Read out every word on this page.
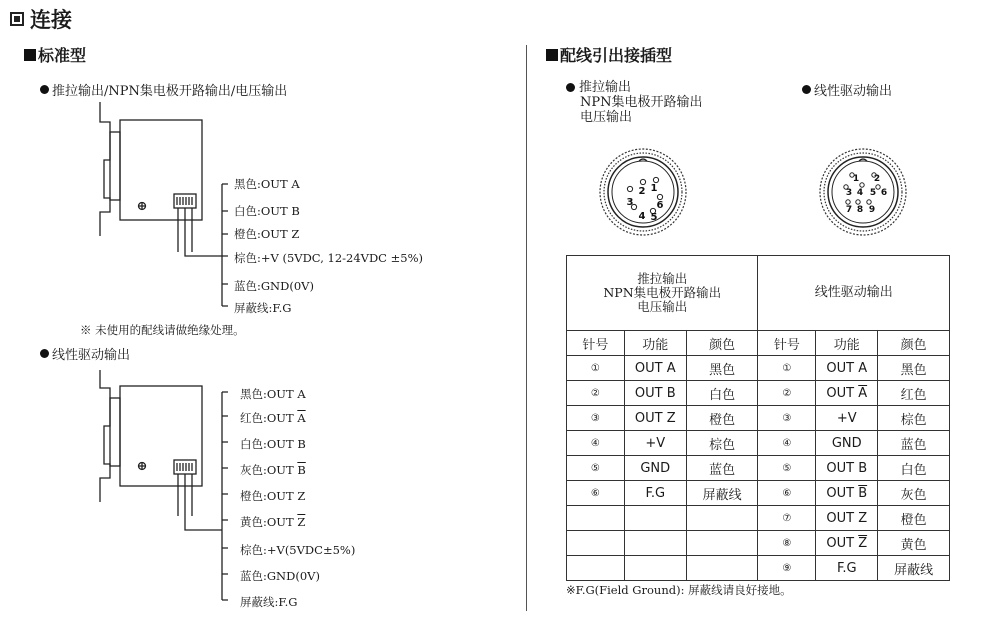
连接
标准型
推拉输出/NPN集电极开路输出/电压输出
黑色:OUT A
白色:OUT B
橙色:OUT Z
棕色:+V (5VDC, 12-24VDC ±5%)
蓝色:GND(0V)
屏蔽线:F.G
※ 未使用的配线请做绝缘处理。
线性驱动输出
黑色:OUT A
红色:OUT $\overline{A}$
白色:OUT B
灰色:OUT $\overline{B}$
橙色:OUT Z
黄色:OUT $\overline{Z}$
棕色:+V(5VDC±5%)
蓝色:GND(0V)
屏蔽线:F.G
配线引出接插型
推拉输出
NPN集电极开路输出
电压输出
线性驱动输出
1
2
3
4 5
6
1 2
3 4 5 6
7 8 9
推拉输出
NPN集电极开路输出
电压输出			线性驱动输出		
针号	功能	颜色	针号	功能	颜色
①	OUT A	黑色	①	OUT A	黑色
②	OUT B	白色	②	OUT $\overline{A}$	红色
③	OUT Z	橙色	③	+V	棕色
④	+V	棕色	④	GND	蓝色
⑤	GND	蓝色	⑤	OUT B	白色
⑥	F.G	屏蔽线	⑥	OUT $\overline{B}$	灰色
			⑦	OUT Z	橙色
			⑧	OUT $\overline{Z}$	黄色
			⑨	F.G	屏蔽线
※F.G(Field Ground): 屏蔽线请良好接地。
